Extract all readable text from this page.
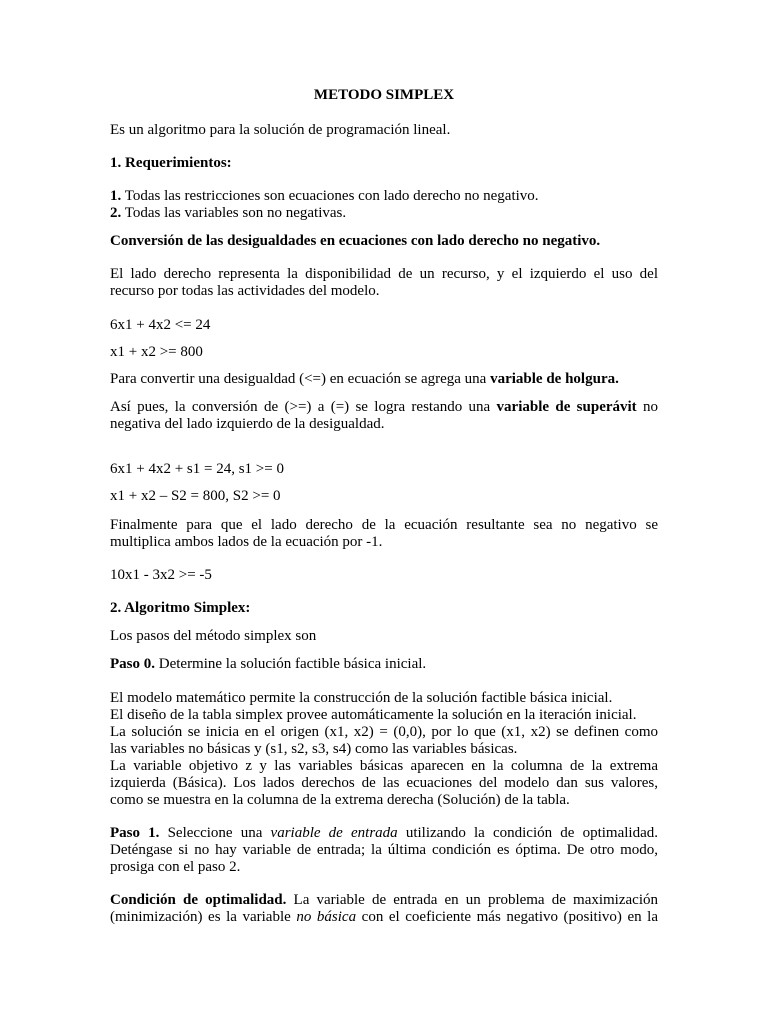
METODO SIMPLEX

Es un algoritmo para la solución de programación lineal.

1. Requerimientos:

1. Todas las restricciones son ecuaciones con lado derecho no negativo.

2. Todas las variables son no negativas.

Conversión de las desigualdades en ecuaciones con lado derecho no negativo.

El lado derecho representa la disponibilidad de un recurso, y el izquierdo el uso del

recurso por todas las actividades del modelo.

6x1 + 4x2 <= 24

x1 + x2 >= 800

Para convertir una desigualdad (<=) en ecuación se agrega una variable de holgura.

Así pues, la conversión de (>=) a (=) se logra restando una variable de superávit no

negativa del lado izquierdo de la desigualdad.

6x1 + 4x2 + s1 = 24, s1 >= 0

x1 + x2 – S2 = 800, S2 >= 0

Finalmente para que el lado derecho de la ecuación resultante sea no negativo se

multiplica ambos lados de la ecuación por -1.

10x1 - 3x2 >= -5

2. Algoritmo Simplex:

Los pasos del método simplex son

Paso 0. Determine la solución factible básica inicial.

El modelo matemático permite la construcción de la solución factible básica inicial.

El diseño de la tabla simplex provee automáticamente la solución en la iteración inicial.

La solución se inicia en el origen (x1, x2) = (0,0), por lo que (x1, x2) se definen como

las variables no básicas y (s1, s2, s3, s4) como las variables básicas.

La variable objetivo z y las variables básicas aparecen en la columna de la extrema

izquierda (Básica). Los lados derechos de las ecuaciones del modelo dan sus valores,

como se muestra en la columna de la extrema derecha (Solución) de la tabla.

Paso 1. Seleccione una variable de entrada utilizando la condición de optimalidad.

Deténgase si no hay variable de entrada; la última condición es óptima. De otro modo,

prosiga con el paso 2.

Condición de optimalidad. La variable de entrada en un problema de maximización

(minimización) es la variable no básica con el coeficiente más negativo (positivo) en la
